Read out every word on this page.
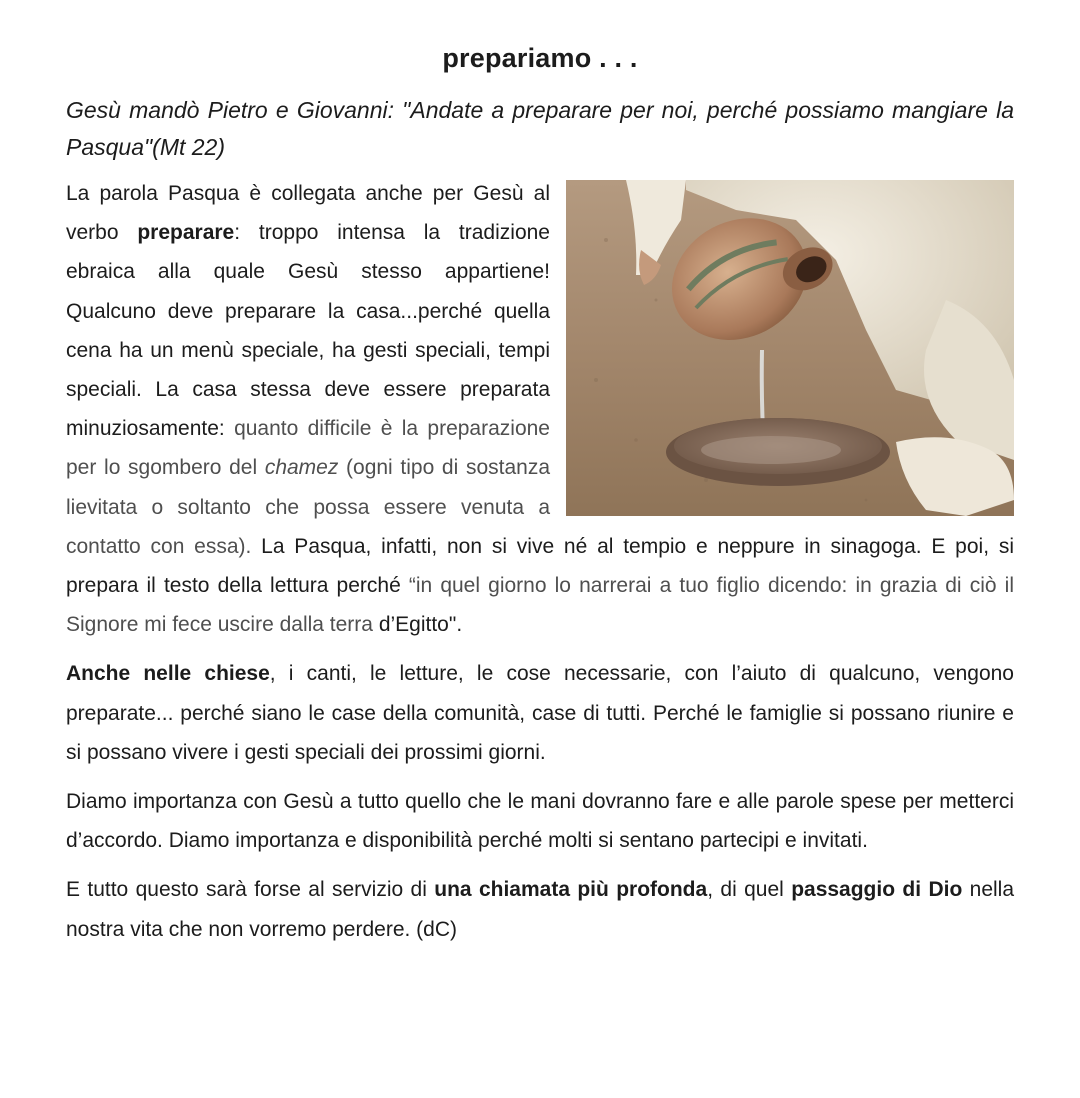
prepariamo . . .

Gesù mandò Pietro e Giovanni: "Andate a preparare per noi, perché possiamo mangiare la Pasqua"(Mt 22)

La parola Pasqua è collegata anche per Gesù al verbo preparare: troppo intensa la tradizione ebraica alla quale Gesù stesso appartiene! Qualcuno deve preparare la casa...perché quella cena ha un menù speciale, ha gesti speciali, tempi speciali. La casa stessa deve essere preparata minuziosamente: quanto difficile è la preparazione per lo sgombero del chamez (ogni tipo di sostanza lievitata o soltanto che possa essere venuta a contatto con essa). La Pasqua, infatti, non si vive né al tempio e neppure in sinagoga. E poi, si prepara il testo della lettura perché “in quel giorno lo narrerai a tuo figlio dicendo: in grazia di ciò il Signore mi fece uscire dalla terra d’Egitto".

Anche nelle chiese, i canti, le letture, le cose necessarie, con l’aiuto di qualcuno, vengono preparate... perché siano le case della comunità, case di tutti. Perché le famiglie si possano riunire e si possano vivere i gesti speciali dei prossimi giorni.

Diamo importanza con Gesù a tutto quello che le mani dovranno fare e alle parole spese per metterci d’accordo. Diamo importanza e disponibilità perché molti si sentano partecipi e invitati.

E tutto questo sarà forse al servizio di una chiamata più profonda, di quel passaggio di Dio nella nostra vita che non vorremo perdere. (dC)
